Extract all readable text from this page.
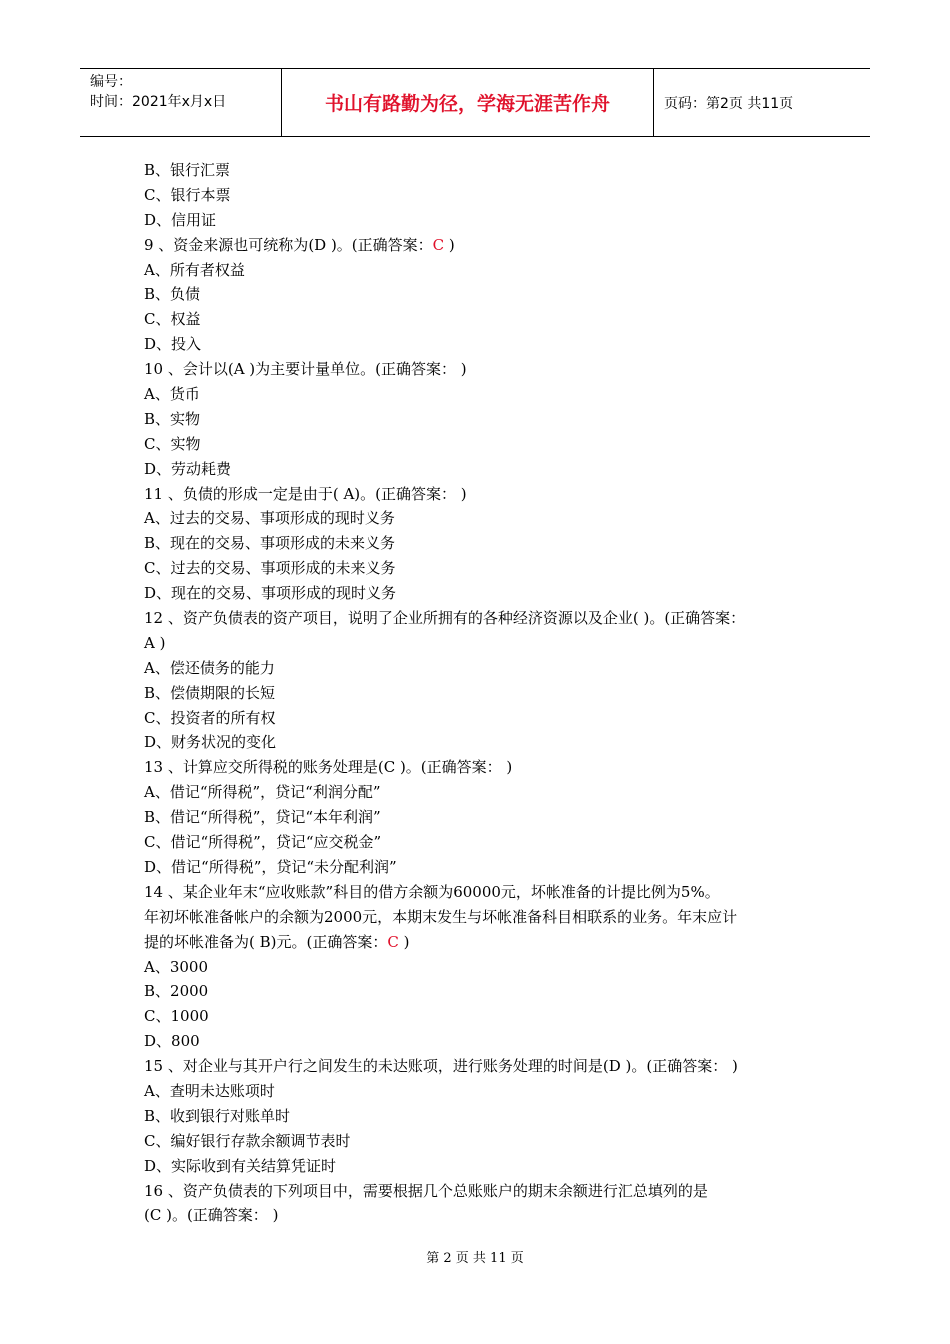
编号：
时间：2021年x月x日	书山有路勤为径，学海无涯苦作舟	页码：第2页 共11页
B、银行汇票
C、银行本票
D、信用证
9 、资金来源也可统称为(D )。(正确答案：C )
A、所有者权益
B、负债
C、权益
D、投入
10 、会计以(A )为主要计量单位。(正确答案： )
A、货币
B、实物
C、实物
D、劳动耗费
11 、负债的形成一定是由于( A)。(正确答案： )
A、过去的交易、事项形成的现时义务
B、现在的交易、事项形成的未来义务
C、过去的交易、事项形成的未来义务
D、现在的交易、事项形成的现时义务
12 、资产负债表的资产项目，说明了企业所拥有的各种经济资源以及企业( )。(正确答案：
A )
A、偿还债务的能力
B、偿债期限的长短
C、投资者的所有权
D、财务状况的变化
13 、计算应交所得税的账务处理是(C )。(正确答案： )
A、借记“所得税”，贷记“利润分配”
B、借记“所得税”，贷记“本年利润”
C、借记“所得税”，贷记“应交税金”
D、借记“所得税”，贷记“未分配利润”
14 、某企业年末“应收账款”科目的借方余额为60000元，坏帐准备的计提比例为5%。
年初坏帐准备帐户的余额为2000元，本期末发生与坏帐准备科目相联系的业务。年末应计
提的坏帐准备为( B)元。(正确答案：C )
A、3000
B、2000
C、1000
D、800
15 、对企业与其开户行之间发生的未达账项，进行账务处理的时间是(D )。(正确答案： )
A、查明未达账项时
B、收到银行对账单时
C、编好银行存款余额调节表时
D、实际收到有关结算凭证时
16 、资产负债表的下列项目中，需要根据几个总账账户的期末余额进行汇总填列的是
(C )。(正确答案： )
第 2 页 共 11 页
